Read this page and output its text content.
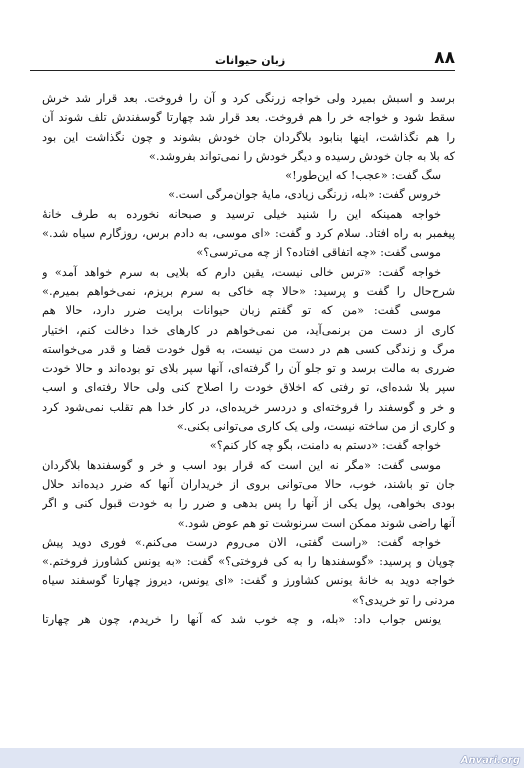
زبان حیوانات	۸۸
برسد و اسبش بمیرد ولی خواجه زرنگی کرد و آن را فروخت. بعد قرار شد خرش
سقط شود و خواجه خر را هم فروخت. بعد قرار شد چهارتا گوسفندش تلف شوند آن
را هم نگذاشت، اینها بنابود بلاگردان جان خودش بشوند و چون نگذاشت این بود
که بلا به جان خودش رسیده و دیگر خودش را نمی‌تواند بفروشد.»
سگ گفت: «عجب! که این‌طور!»
خروس گفت: «بله، زرنگی زیادی، مایهٔ جوان‌مرگی است.»
خواجه همینکه این را شنید خیلی ترسید و صبحانه نخورده به طرف خانهٔ
پیغمبر به راه افتاد. سلام کرد و گفت: «ای موسی، به دادم برس، روزگارم سیاه شد.»
موسی گفت: «چه اتفاقی افتاده؟ از چه می‌ترسی؟»
خواجه گفت: «ترس خالی نیست، یقین دارم که بلایی به سرم خواهد آمد» و
شرح‌حال را گفت و پرسید: «حالا چه خاکی به سرم بریزم، نمی‌خواهم بمیرم.»
موسی گفت: «من که تو گفتم زبان حیوانات برایت ضرر دارد، حالا هم
کاری از دست من برنمی‌آید، من نمی‌خواهم در کارهای خدا دخالت کنم، اختیار
مرگ و زندگی کسی هم در دست من نیست، به قول خودت قضا و قدر می‌خواسته
ضرری به مالت برسد و تو جلو آن را گرفته‌ای، آنها سپر بلای تو بوده‌اند و حالا خودت
سپر بلا شده‌ای، تو رفتی که اخلاق خودت را اصلاح کنی ولی حالا رفته‌ای و اسب
و خر و گوسفند را فروخته‌ای و دردسر خریده‌ای، در کار خدا هم تقلب نمی‌شود کرد
و کاری از من ساخته نیست، ولی یک کاری می‌توانی بکنی.»
خواجه گفت: «دستم به دامنت، بگو چه کار کنم؟»
موسی گفت: «مگر نه این است که قرار بود اسب و خر و گوسفندها بلاگردان
جان تو باشند، خوب، حالا می‌توانی بروی از خریداران آنها که ضرر دیده‌اند حلال
بودی بخواهی، پول یکی از آنها را پس بدهی و ضرر را به خودت قبول کنی و اگر
آنها راضی شوند ممکن است سرنوشت تو هم عوض شود.»
خواجه گفت: «راست گفتی، الان می‌روم درست می‌کنم.» فوری دوید پیش
چوپان و پرسید: «گوسفندها را به کی فروختی؟» گفت: «به یونس کشاورز فروختم.»
خواجه دوید به خانهٔ یونس کشاورز و گفت: «ای یونس، دیروز چهارتا گوسفند سیاه
مردنی را تو خریدی؟»
یونس جواب داد: «بله، و چه خوب شد که آنها را خریدم، چون هر چهارتا
Anvari.org
